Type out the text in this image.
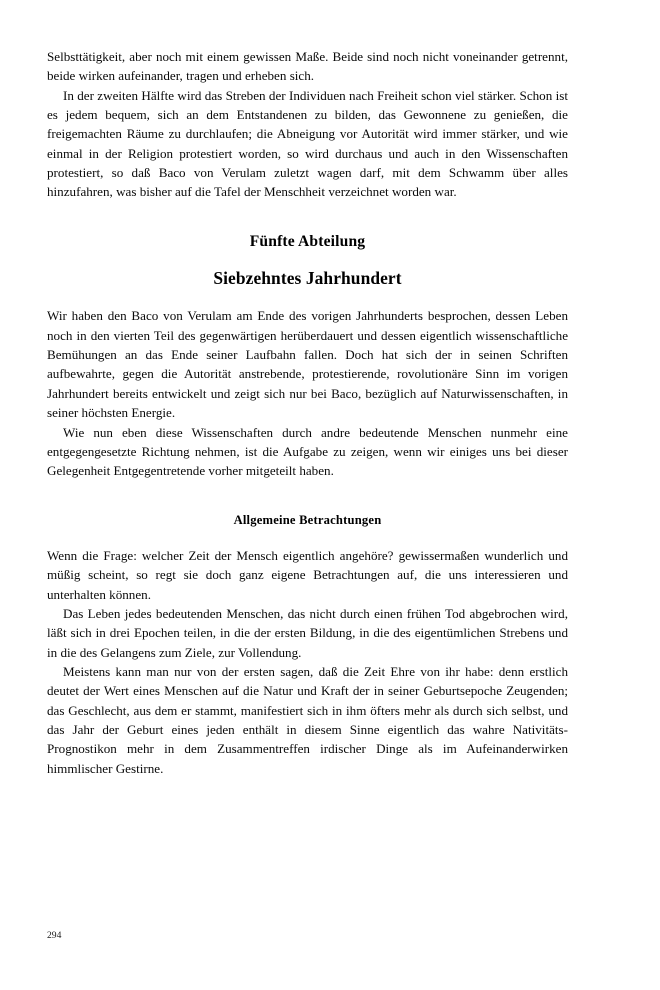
Selbsttätigkeit, aber noch mit einem gewissen Maße. Beide sind noch nicht voneinander getrennt, beide wirken aufeinander, tragen und erheben sich.

In der zweiten Hälfte wird das Streben der Individuen nach Freiheit schon viel stärker. Schon ist es jedem bequem, sich an dem Entstandenen zu bilden, das Gewonnene zu genießen, die freigemachten Räume zu durchlaufen; die Abneigung vor Autorität wird immer stärker, und wie einmal in der Religion protestiert worden, so wird durchaus und auch in den Wissenschaften protestiert, so daß Baco von Verulam zuletzt wagen darf, mit dem Schwamm über alles hinzufahren, was bisher auf die Tafel der Menschheit verzeichnet worden war.

Fünfte Abteilung
Siebzehntes Jahrhundert

Wir haben den Baco von Verulam am Ende des vorigen Jahrhunderts besprochen, dessen Leben noch in den vierten Teil des gegenwärtigen herüberdauert und dessen eigentlich wissenschaftliche Bemühungen an das Ende seiner Laufbahn fallen. Doch hat sich der in seinen Schriften aufbewahrte, gegen die Autorität anstrebende, protestierende, rovolutionäre Sinn im vorigen Jahrhundert bereits entwickelt und zeigt sich nur bei Baco, bezüglich auf Naturwissenschaften, in seiner höchsten Energie.

Wie nun eben diese Wissenschaften durch andre bedeutende Menschen nunmehr eine entgegengesetzte Richtung nehmen, ist die Aufgabe zu zeigen, wenn wir einiges uns bei dieser Gelegenheit Entgegentretende vorher mitgeteilt haben.

Allgemeine Betrachtungen

Wenn die Frage: welcher Zeit der Mensch eigentlich angehöre? gewissermaßen wunderlich und müßig scheint, so regt sie doch ganz eigene Betrachtungen auf, die uns interessieren und unterhalten können.

Das Leben jedes bedeutenden Menschen, das nicht durch einen frühen Tod abgebrochen wird, läßt sich in drei Epochen teilen, in die der ersten Bildung, in die des eigentümlichen Strebens und in die des Gelangens zum Ziele, zur Vollendung.

Meistens kann man nur von der ersten sagen, daß die Zeit Ehre von ihr habe: denn erstlich deutet der Wert eines Menschen auf die Natur und Kraft der in seiner Geburtsepoche Zeugenden; das Geschlecht, aus dem er stammt, manifestiert sich in ihm öfters mehr als durch sich selbst, und das Jahr der Geburt eines jeden enthält in diesem Sinne eigentlich das wahre Nativitäts-Prognostikon mehr in dem Zusammentreffen irdischer Dinge als im Aufeinanderwirken himmlischer Gestirne.

294
